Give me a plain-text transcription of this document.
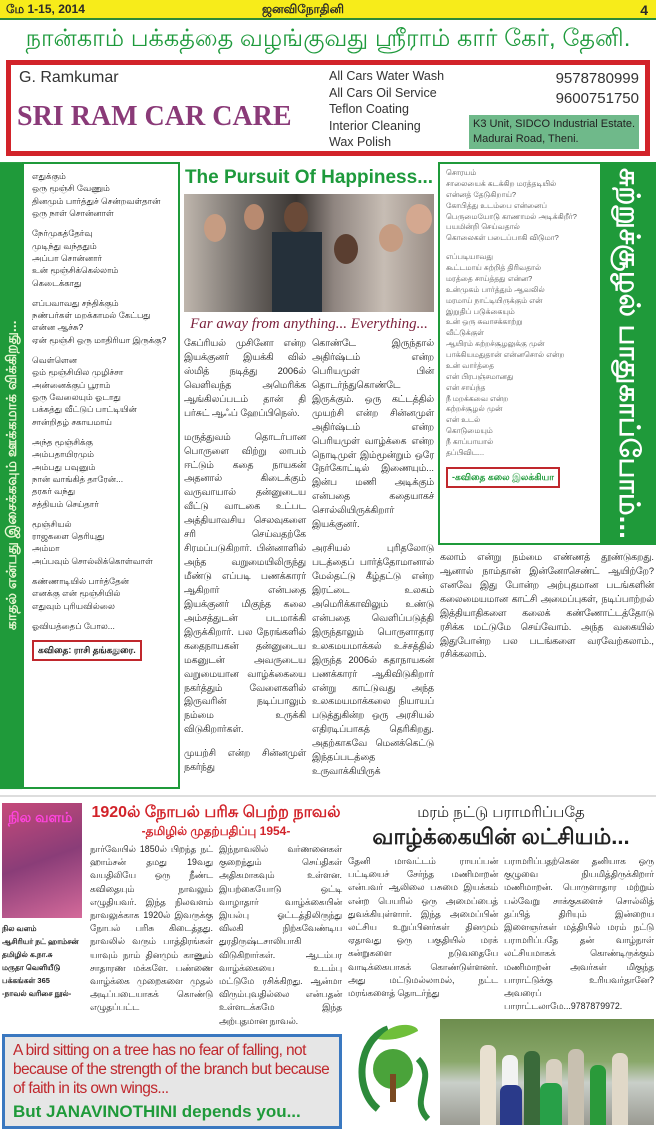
மே 1-15, 2014	ஜனவிநோதினி	4
நான்காம் பக்கத்தை வழங்குவது ஸ்ரீராம் கார் கேர், தேனி.
G. Ramkumar
SRI RAM CAR CARE
All Cars Water Wash
All Cars Oil Service
Teflon Coating
Interior Cleaning
Wax Polish
9578780999
9600751750
K3 Unit, SIDCO Industrial Estate.
Madurai Road, Theni.
காதல் என்பது இசைக்கவும் ஊக்கமாக் விக்கிறது...

எதுக்கும்
ஒரு மூஞ்சி வேணும்
தினமும் பார்த்துச் சென்றவள்தான்
ஒரு நாள் சொன்னாள்

நேர்முகத்தேர்வு
முடிந்து வந்ததும்
அப்பா சொன்னார்
உன் மூஞ்சிக்கெல்லாம்
கெடைக்காது

எப்பவாவது சந்திக்கும்
நண்பர்கள் மறக்காமல் கேட்பது
என்ன ஆச்சு?
ஏன் மூஞ்சி ஒரு மாதிரியா இருக்கு?

வெள்ளென
ஒம் மூஞ்சியில முழிச்சா
அன்னைக்குப் பூராம்
ஒரு வேலையும் ஓடாது
பக்கத்து வீட்டுப் பாட்டியின்
சான்றிதழ் சகாயமாய்

அந்த மூஞ்சிக்கு
அம்பதாயிரமும்
அம்பது பவுனும்
நான் வாங்கித் தாரேன்...
தரகர் வந்து
சத்தியம் செய்தார்

மூஞ்சியல்
ராஜகளை தெரியுது
அம்மா
அப்பவும் சொல்லிக்கொள்வாள்

கண்ணாடியில் பார்த்தேன்
எனக்கு என் மூஞ்சியில்
எதுவும் புரியவில்லை

ஓவியத்தைப் போல...

கவிதை: ராசி தங்கதுரை.
The Pursuit Of Happiness...
Far away from anything... Everything...

கேப்ரியல் முசினோ என்ற இயக்குனர் இயக்கி வில் ஸ்மித் நடித்து 2006ல் வெளிவந்த அமெரிக்க ஆங்கிலப்படம் தான் தி பர்சுட் ஆஃப் ஹேப்பிநெஸ்.

மருத்துவம் தொடர்பான பொருளை விற்று லாபம் ஈட்டும் கதை நாயகன் அதனால் கிடைக்கும் வருவாயால் தன்னுடைய வீட்டு வாடகை உட்பட அத்தியாவசிய செலவுகளை சரி செய்வதற்கே சிரமப்படுகிறார். பின்னாளில் அந்த வறுமையிலிருந்து மீண்டு எப்படி பணக்காரர் ஆகிறார் என்பதை இயக்குனர் மிகுந்த கலை அம்சத்துடன் படமாக்கி இருக்கிறார். பல நேரங்களில் கதைநாயகன் தன்னுடைய மகனுடன் அவருடைய வறுமையான வாழ்க்கையை நகர்த்தும் வேளைகளில் இருவரின் நடிப்பாலும் நம்மை உருக்கி விடுகிறார்கள்.

முயற்சி என்ற சின்னமுள் நகர்ந்து

கொண்டே இருந்தால் அதிர்ஷ்டம் என்ற பெரியமுள் பின் தொடர்ந்துகொண்டே இருக்கும். ஒரு கட்டத்தில் முயற்சி என்ற சின்னமுள் அதிர்ஷ்டம் என்ற பெரியமுள் வாழ்க்கை என்ற நொடிமுள் இம்மூன்றும் ஒரே நேர்கோட்டில் இணையும்... இன்ப மணி அடிக்கும் என்பதை கதையாகச் சொல்லியிருக்கிறார் இயக்குனர்.

அரசியல் புரிதலோடு படத்தைப் பார்த்தோமானால் மேல்தட்டு கீழ்தட்டு என்ற இரட்டை உலகம் அமெரிக்காவிலும் உண்டு என்பதை வெளிப்படுத்தி இருந்தாலும் பொருளாதார உலகமயமாக்கல் உச்சத்தில் இருந்த 2006ல் கதாநாயகன் பணக்காரர் ஆகிவிடுகிறார் என்று காட்டுவது அந்த உலகமயமாக்கலை நியாயப் படுத்துகின்ற ஒரு அரசியல் எதிரடிப்பாகத் தெரிகிறது. அதற்காகவே மெனக்கெட்டு இந்தப்படத்தை உருவாக்கியிருக்

சொரயம்
சாலையைக் கடக்கிற மரத்தடியில்
என்னத் தேடுகிறாய்?
கோபித்து உடம்பை என்னைப்
பெருமையோடு காணாமல் அடிக்கிறீர்?
பயமின்றி செய்வதால்
கொலைகள் படைப்பாகி விடுமா?

எப்படியாவது
கூட்டமாய் சுற்றித் திரிவதால்
மரத்தை சாய்த்தது என்ன?
உன்முகம் பார்த்தும் ஆவலில்
மரமாய் நாட்டியிருக்கும் என்
இறுதிப் படுக்கையும்
உன் ஒரு சுவாசக்காற்று
வீட்டுக்குள்
ஆயிரம் சுற்றச்சூழலுக்கு முன்
பாக்கியமதுதான் என்னசொல் என்ற
உன் வார்த்தை
என் பிரபஞ்சமானது
என் சாய்ந்த
நீ மறக்கவை என்ற
சுற்றச்சூழல் முன்
என் உடல்
கொடுமையும்
நீ காப்பாயால்
தப்பிவிட...

-கவிதை கலை இலக்கியா	சுற்றுச்சூழல் பாதுகாப்போம்...
கலாம் என்று நம்மை எண்ணத் தூண்டுகறது. ஆனால் நாம்தான் இன்னோசெண்ட் ஆயிற்றே? எனவே இது போன்ற அற்புதமான படங்களின் கலைமையமான காட்சி அமைப்புகள், நடிப்பாற்றல் இத்தியாதிகளை கலைக் கண்ணோட்டத்தோடு ரசிக்க மட்டுமே செய்வோம். அந்த வகையில் இதுபோன்ற பல படங்களை வரவேற்கலாம்., ரசிக்கலாம்.
நில வளம்
நில வளம்
ஆசிரியர் நட் ஹாம்சன்
தமிழில் க.நா.சு
மருதா வெளியீடு
பக்கங்கள் 365
-நாவல் வரிசை நூல்-
1920ல் நோபல் பரிசு பெற்ற நாவல்
-தமிழில் முதற்பதிப்பு 1954-
நார்வேயில் 1850ல் பிறந்த நட் ஹாம்சன் தமது 19வது வயதிலியே ஒரு நீண்ட கவிதையும் நாவலும் எழுதியவர். இந்த நிலவளம் நாவலுக்காக 1920ல் இவருக்கு நோபல் பரிசு கிடைத்தது. நாவலில் வரும் பாத்திரங்கள் யாவும் நாம் தினமும் காணும் சாதாரண மக்களே. பண்ணை வாழ்க்கை முறைகளை முதல் அடிப்படையாகக் கொண்டு எழுதப்பட்ட
இந்நாவலில் வர்ணனைகள் குறைந்தும் செய்திகள் அதிகமாகவும் உள்ளன. இயற்கையோடு ஒட்டி வாழாதார் வாழ்க்கையின் இயல்பு ஓட்டத்திலிருந்து விலகி நிற்கவேண்டிய துரதிருஷ்டசாலியாகி விடுகிறார்கள். ஆடம்பர வாழ்க்கையை உடம்பு மட்டுமே ரசிக்கிறது. ஆன்மா விரும்புவதில்லை என்பதன் உள்ளடக்கமே இந்த அற்புதமான நாவல்.
A bird sitting on a tree has no fear of falling, not because of the strength of the branch but because of faith in its own wings...
But JANAVINOTHINI depends you...
மரம் நட்டு பராமரிப்பதே
வாழ்க்கையின் லட்சியம்...
தேனி மாவட்டம் ராயப்பன் பட்டியைச் சேர்ந்த மணிமாறன் என்பவர் ஆலிலை பசுமை இயக்கம் என்ற பெயரில் ஒரு அமைப்பைத் துவக்கியுள்ளார். இந்த அமைப்பின் லட்சிய உறுப்பினர்கள் தினமும் ஏதாவது ஒரு பகுதியில் மரக் கன்றுகளை நடுவதையே வாடிக்கையாகக் கொண்டுள்ளனர். அது மட்டுமல்லாமல், நட்ட மரங்களைத் தொடர்ந்து
பராமரிப்பதற்கென தனியாக ஒரு குழுவை நியமித்திருக்கிறார் மணிமாறன். பொருளாதார மற்றும் பல்வேறு சாக்குகளைச் சொல்லித் தப்பித் திரியும் இன்றைய இளைஞர்கள் மத்தியில் மரம் நட்டு பராமரிப்பதே தன் வாழ்நாள் லட்சியமாகக் கொண்டிருக்கும் மணிமாறன் அவர்கள் மிகுந்த பாராட்டுக்கு உரியவர்தானே? அவரைப் பாராட்டலாமே...9787879972.
